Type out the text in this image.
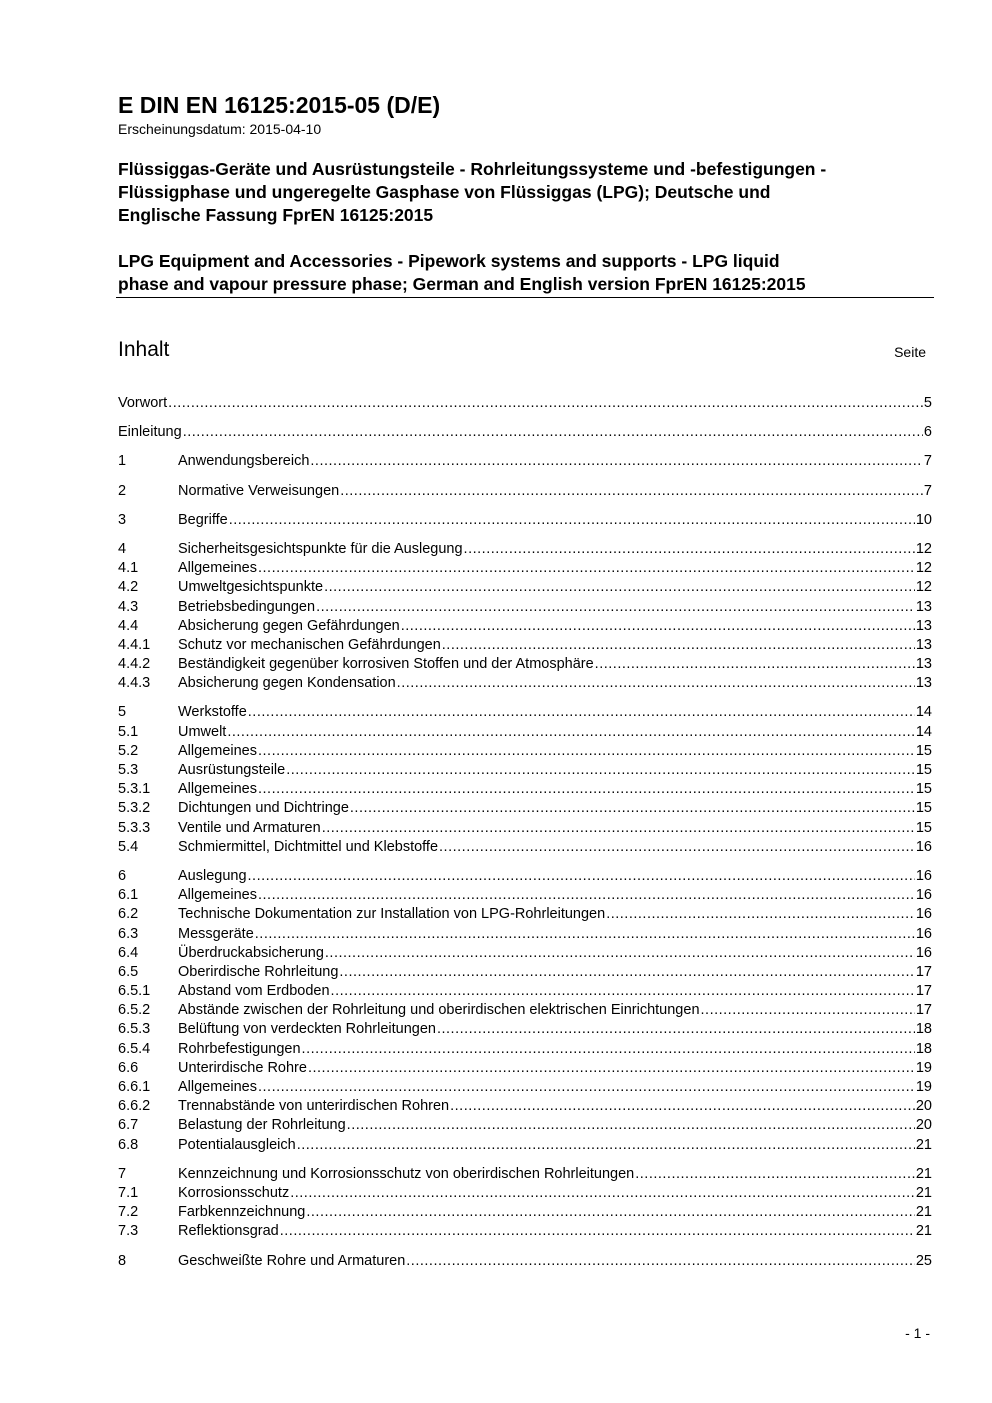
E DIN EN 16125:2015-05 (D/E)
Erscheinungsdatum: 2015-04-10
Flüssiggas-Geräte und Ausrüstungsteile - Rohrleitungssysteme und -befestigungen -
Flüssigphase und ungeregelte Gasphase von Flüssiggas (LPG); Deutsche und
Englische Fassung FprEN 16125:2015
LPG Equipment and Accessories - Pipework systems and supports - LPG liquid
phase and vapour pressure phase; German and English version FprEN 16125:2015
Inhalt	Seite
Vorwort .....	5
Einleitung .....	6
1	Anwendungsbereich .....	7
2	Normative Verweisungen .....	7
3	Begriffe .....	10
4	Sicherheitsgesichtspunkte für die Auslegung .....	12
4.1	Allgemeines .....	12
4.2	Umweltgesichtspunkte .....	12
4.3	Betriebsbedingungen .....	13
4.4	Absicherung gegen Gefährdungen .....	13
4.4.1	Schutz vor mechanischen Gefährdungen .....	13
4.4.2	Beständigkeit gegenüber korrosiven Stoffen und der Atmosphäre .....	13
4.4.3	Absicherung gegen Kondensation .....	13
5	Werkstoffe .....	14
5.1	Umwelt .....	14
5.2	Allgemeines .....	15
5.3	Ausrüstungsteile .....	15
5.3.1	Allgemeines .....	15
5.3.2	Dichtungen und Dichtringe .....	15
5.3.3	Ventile und Armaturen .....	15
5.4	Schmiermittel, Dichtmittel und Klebstoffe .....	16
6	Auslegung .....	16
6.1	Allgemeines .....	16
6.2	Technische Dokumentation zur Installation von LPG-Rohrleitungen .....	16
6.3	Messgeräte .....	16
6.4	Überdruckabsicherung .....	16
6.5	Oberirdische Rohrleitung .....	17
6.5.1	Abstand vom Erdboden .....	17
6.5.2	Abstände zwischen der Rohrleitung und oberirdischen elektrischen Einrichtungen .....	17
6.5.3	Belüftung von verdeckten Rohrleitungen .....	18
6.5.4	Rohrbefestigungen .....	18
6.6	Unterirdische Rohre .....	19
6.6.1	Allgemeines .....	19
6.6.2	Trennabstände von unterirdischen Rohren .....	20
6.7	Belastung der Rohrleitung .....	20
6.8	Potentialausgleich .....	21
7	Kennzeichnung und Korrosionsschutz von oberirdischen Rohrleitungen .....	21
7.1	Korrosionsschutz .....	21
7.2	Farbkennzeichnung .....	21
7.3	Reflektionsgrad .....	21
8	Geschweißte Rohre und Armaturen .....	25
- 1 -
